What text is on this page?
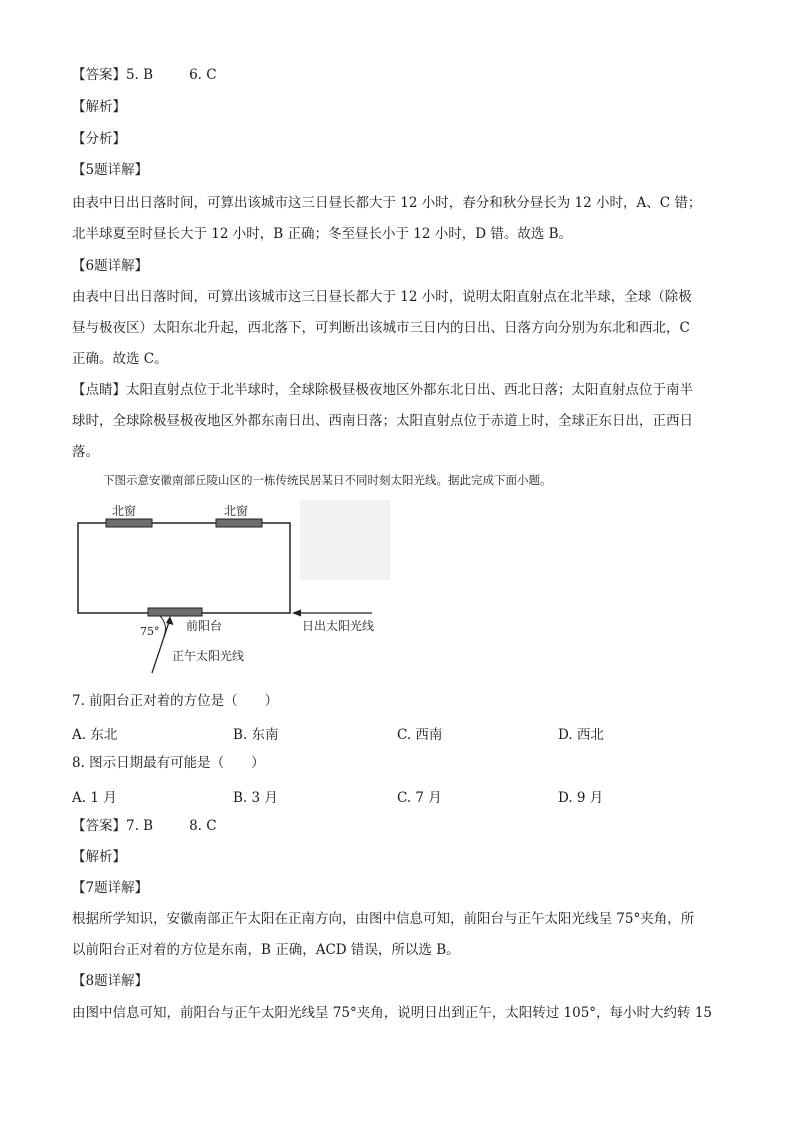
【答案】5. B	6. C
【解析】
【分析】
【5题详解】
由表中日出日落时间，可算出该城市这三日昼长都大于 12 小时，春分和秋分昼长为 12 小时，A、C 错；
北半球夏至时昼长大于 12 小时，B 正确；冬至昼长小于 12 小时，D 错。故选 B。
【6题详解】
由表中日出日落时间，可算出该城市这三日昼长都大于 12 小时，说明太阳直射点在北半球，全球（除极
昼与极夜区）太阳东北升起，西北落下，可判断出该城市三日内的日出、日落方向分别为东北和西北，C
正确。故选 C。
【点睛】太阳直射点位于北半球时，全球除极昼极夜地区外都东北日出、西北日落；太阳直射点位于南半
球时，全球除极昼极夜地区外都东南日出、西南日落；太阳直射点位于赤道上时，全球正东日出，正西日
落。
下图示意安徽南部丘陵山区的一栋传统民居某日不同时刻太阳光线。据此完成下面小题。
北窗	北窗
前阳台
75°
正午太阳光线
日出太阳光线
7. 前阳台正对着的方位是（　　）
A. 东北	B. 东南	C. 西南	D. 西北
8. 图示日期最有可能是（　　）
A. 1 月	B. 3 月	C. 7 月	D. 9 月
【答案】7. B	8. C
【解析】
【7题详解】
根据所学知识，安徽南部正午太阳在正南方向，由图中信息可知，前阳台与正午太阳光线呈 75°夹角，所
以前阳台正对着的方位是东南，B 正确，ACD 错误，所以选 B。
【8题详解】
由图中信息可知，前阳台与正午太阳光线呈 75°夹角，说明日出到正午，太阳转过 105°，每小时大约转 15
